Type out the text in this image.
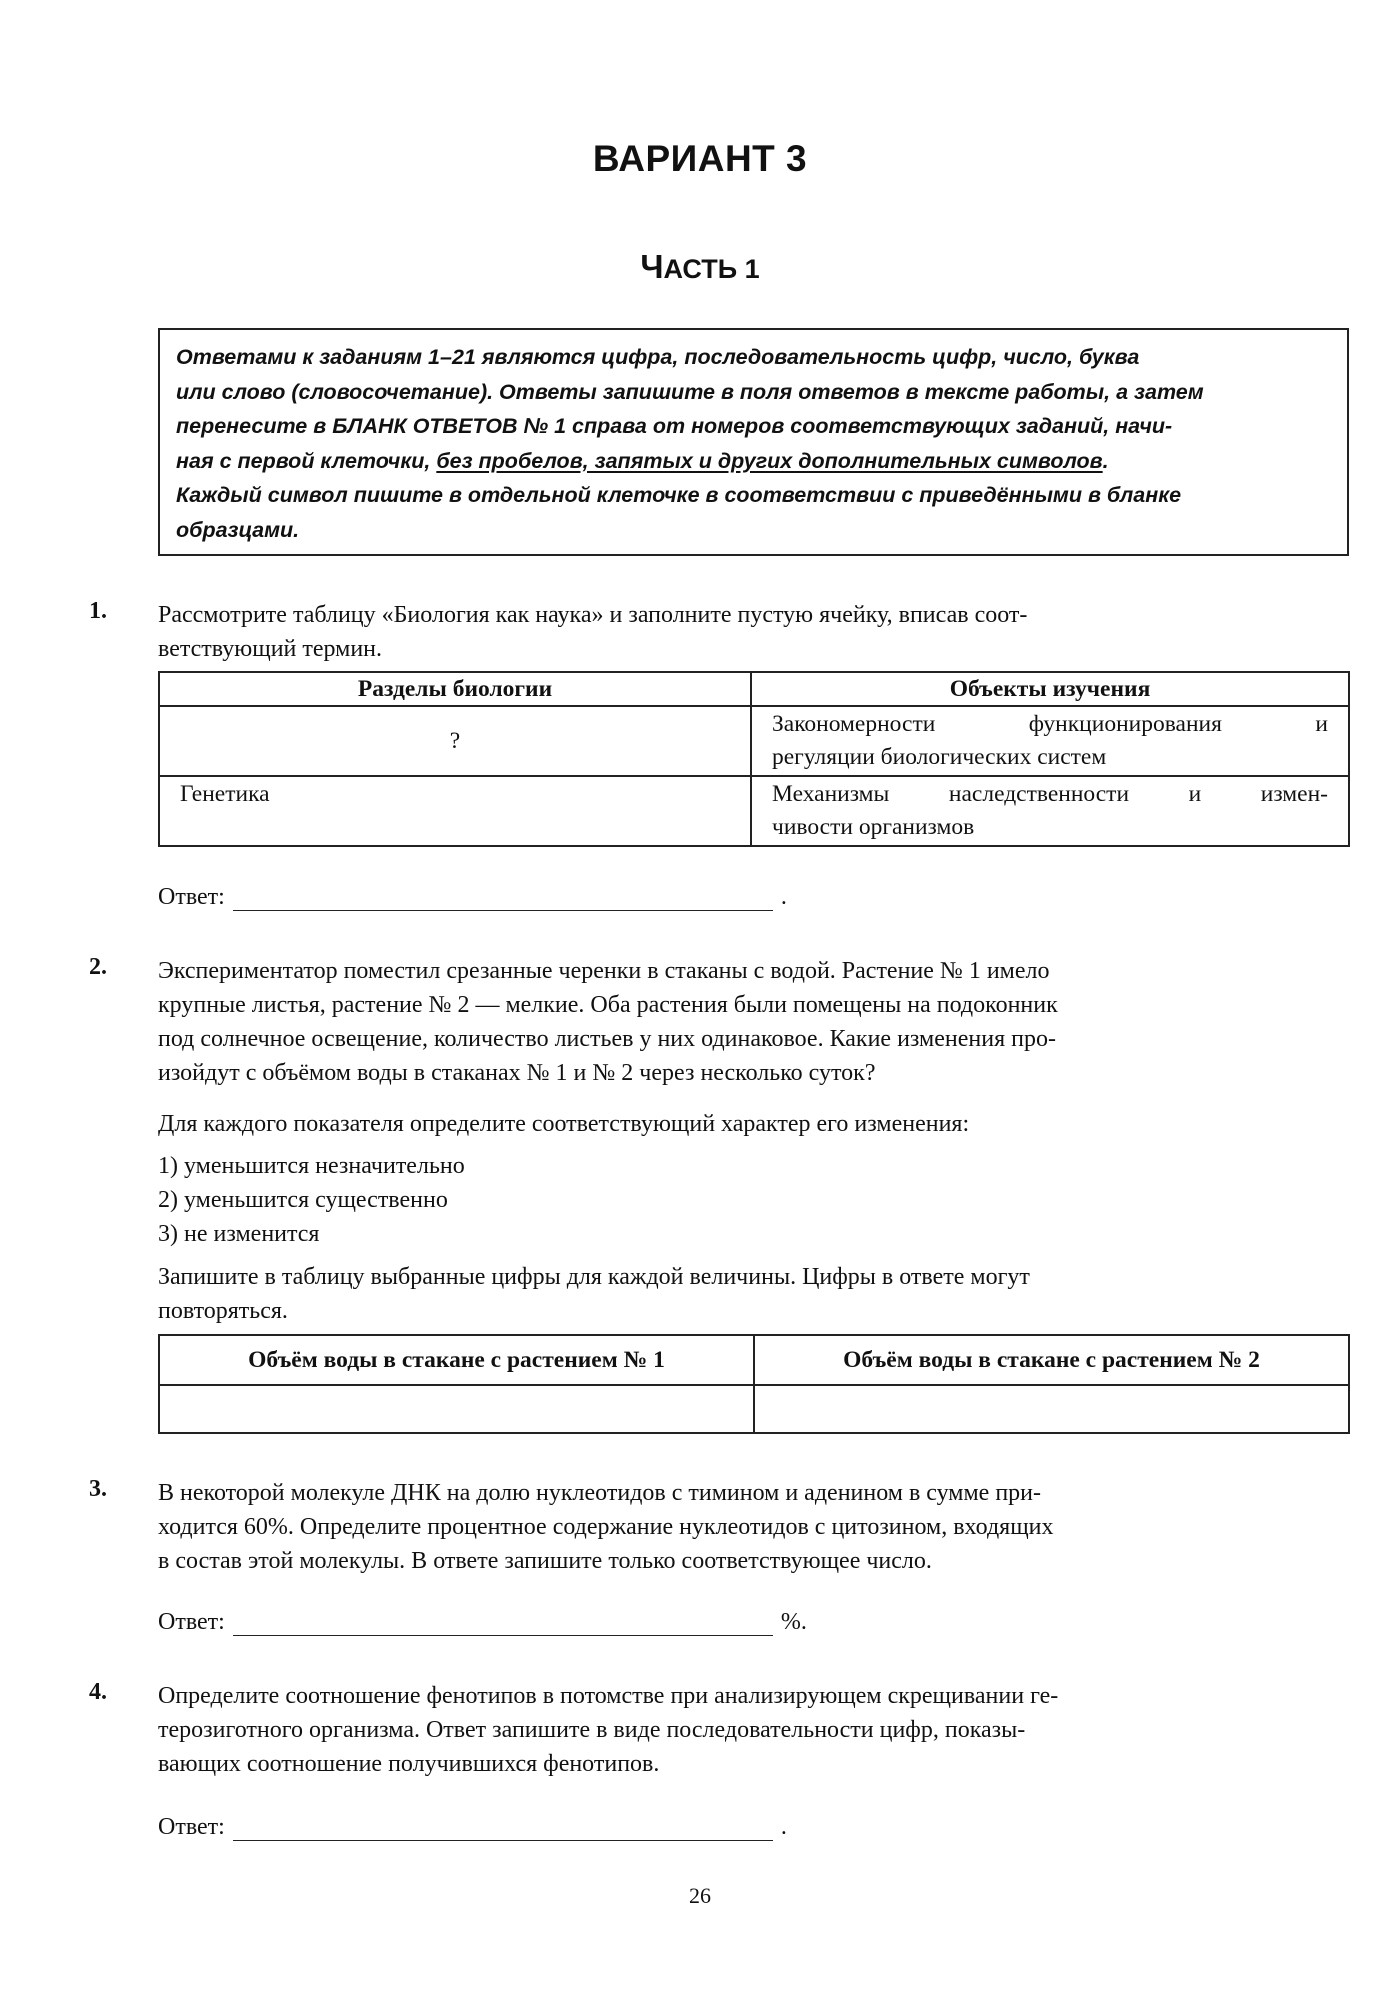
ВАРИАНТ 3
ЧАСТЬ 1
Ответами к заданиям 1–21 являются цифра, последовательность цифр, число, буква
или слово (словосочетание). Ответы запишите в поля ответов в тексте работы, а затем
перенесите в БЛАНК ОТВЕТОВ № 1 справа от номеров соответствующих заданий, начи-
ная с первой клеточки, без пробелов, запятых и других дополнительных символов.
Каждый символ пишите в отдельной клеточке в соответствии с приведёнными в бланке
образцами.
1. Рассмотрите таблицу «Биология как наука» и заполните пустую ячейку, вписав соот-
ветствующий термин.
Разделы биологии	Объекты изучения
?	Закономерности функционирования и
регуляции биологических систем

Генетика	Механизмы наследственности и измен-
чивости организмов
Ответ:	.
2. Экспериментатор поместил срезанные черенки в стаканы с водой. Растение № 1 имело
крупные листья, растение № 2 — мелкие. Оба растения были помещены на подоконник
под солнечное освещение, количество листьев у них одинаковое. Какие изменения про-
изойдут с объёмом воды в стаканах № 1 и № 2 через несколько суток?
Для каждого показателя определите соответствующий характер его изменения:
1) уменьшится незначительно
2) уменьшится существенно
3) не изменится
Запишите в таблицу выбранные цифры для каждой величины. Цифры в ответе могут
повторяться.
Объём воды в стакане с растением № 1	Объём воды в стакане с растением № 2

3. В некоторой молекуле ДНК на долю нуклеотидов с тимином и аденином в сумме при-
ходится 60%. Определите процентное содержание нуклеотидов с цитозином, входящих
в состав этой молекулы. В ответе запишите только соответствующее число.
Ответ:	%.
4. Определите соотношение фенотипов в потомстве при анализирующем скрещивании ге-
терозиготного организма. Ответ запишите в виде последовательности цифр, показы-
вающих соотношение получившихся фенотипов.
Ответ:	.
26
